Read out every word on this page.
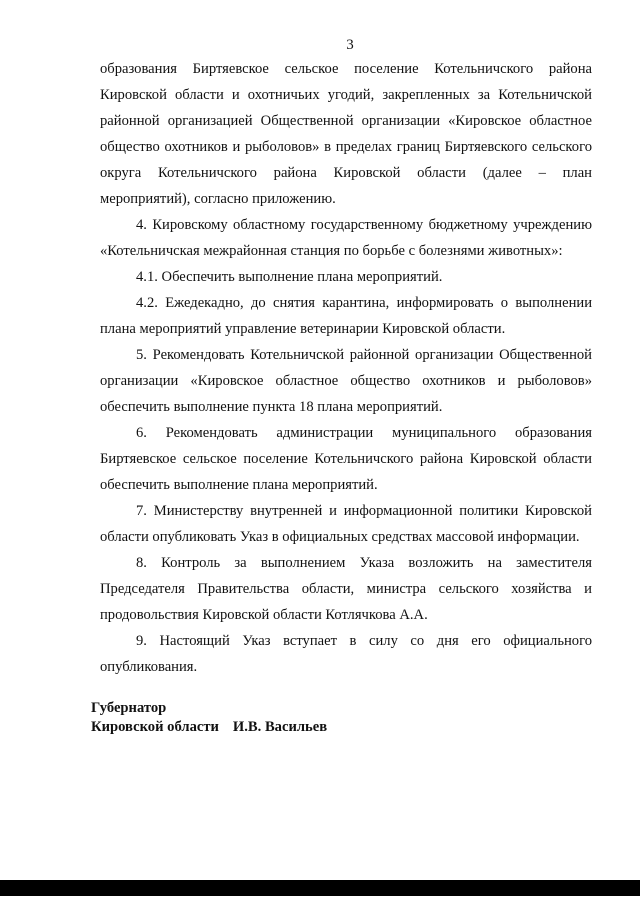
3

образования Биртяевское сельское поселение Котельничского района Кировской области и охотничьих угодий, закрепленных за Котельничской районной организацией Общественной организации «Кировское областное общество охотников и рыболовов» в пределах границ Биртяевского сельского округа Котельничского района Кировской области (далее – план мероприятий), согласно приложению.

4. Кировскому областному государственному бюджетному учреждению «Котельничская межрайонная станция по борьбе с болезнями животных»:

4.1. Обеспечить выполнение плана мероприятий.

4.2. Ежедекадно, до снятия карантина, информировать о выполнении плана мероприятий управление ветеринарии Кировской области.

5. Рекомендовать Котельничской районной организации Общественной организации «Кировское областное общество охотников и рыболовов» обеспечить выполнение пункта 18 плана мероприятий.

6. Рекомендовать администрации муниципального образования Биртяевское сельское поселение Котельничского района Кировской области обеспечить выполнение плана мероприятий.

7. Министерству внутренней и информационной политики Кировской области опубликовать Указ в официальных средствах массовой информации.

8. Контроль за выполнением Указа возложить на заместителя Председателя Правительства области, министра сельского хозяйства и продовольствия Кировской области Котлячкова А.А.

9. Настоящий Указ вступает в силу со дня его официального опубликования.

Губернатор
Кировской области И.В. Васильев
